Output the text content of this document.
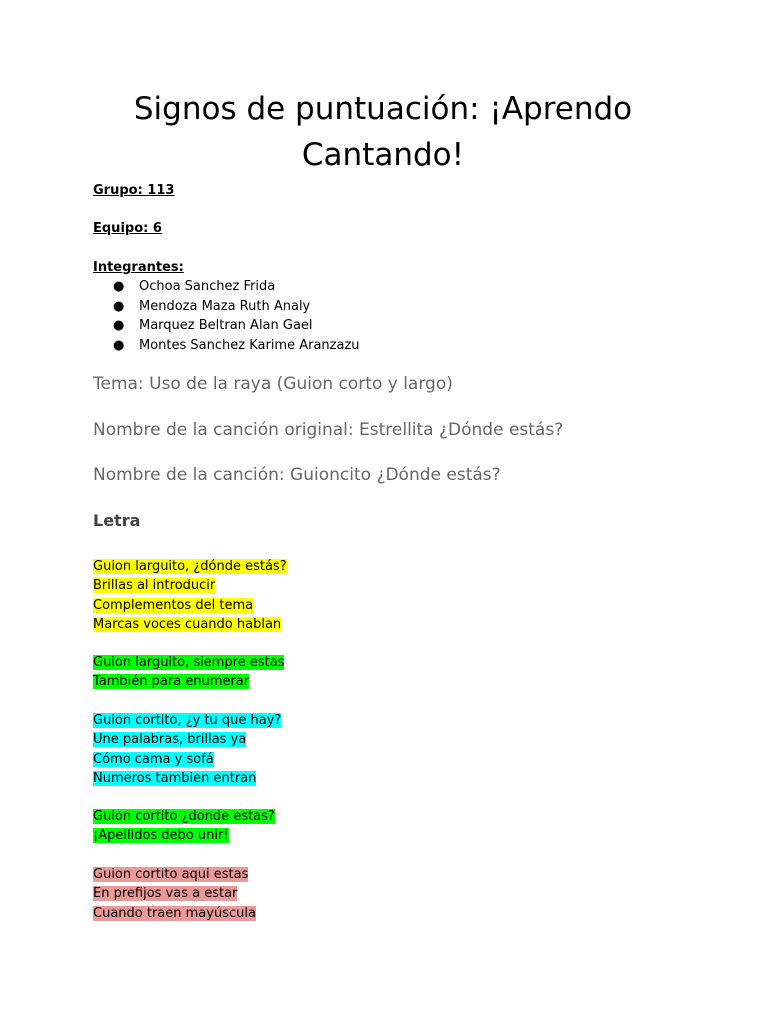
Signos de puntuación: ¡Aprendo Cantando!
Grupo: 113
Equipo: 6
Integrantes:
● Ochoa Sanchez Frida
● Mendoza Maza Ruth Analy
● Marquez Beltran Alan Gael
● Montes Sanchez Karime Aranzazu
Tema: Uso de la raya (Guion corto y largo)
Nombre de la canción original: Estrellita ¿Dónde estás?
Nombre de la canción: Guioncito ¿Dónde estás?
Letra
Guion larguito, ¿dónde estás?
Brillas al introducir
Complementos del tema
Marcas voces cuando hablan
Guion larguito, siempre estas
También para enumerar
Guion cortito, ¿y tu que hay?
Une palabras, brillas ya
Cómo cama y sofá
Numeros tambien entran
Guion cortito ¿donde estas?
¡Apellidos debo unir!
Guion cortito aqui estas
En prefijos vas a estar
Cuando traen mayúscula
